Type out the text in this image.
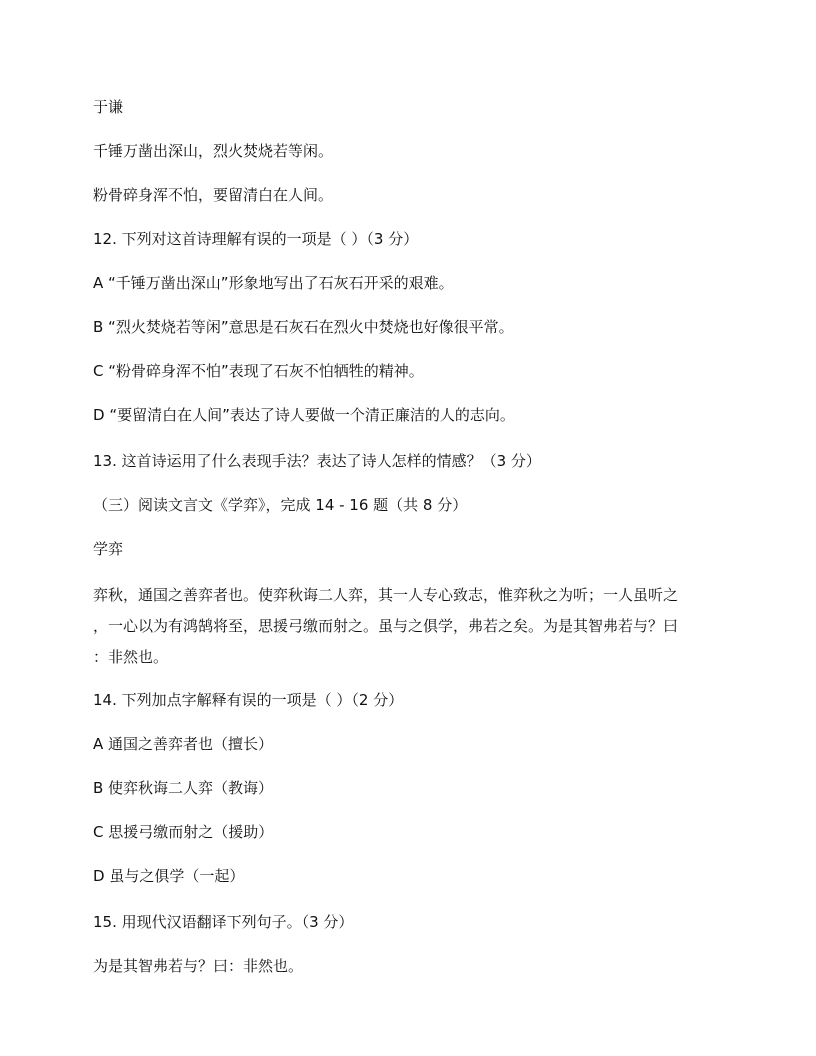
于谦
千锤万凿出深山，烈火焚烧若等闲。
粉骨碎身浑不怕，要留清白在人间。
12. 下列对这首诗理解有误的一项是（ ）（3 分）
A “千锤万凿出深山”形象地写出了石灰石开采的艰难。
B “烈火焚烧若等闲”意思是石灰石在烈火中焚烧也好像很平常。
C “粉骨碎身浑不怕”表现了石灰不怕牺牲的精神。
D “要留清白在人间”表达了诗人要做一个清正廉洁的人的志向。
13. 这首诗运用了什么表现手法？表达了诗人怎样的情感？（3 分）
（三）阅读文言文《学弈》，完成 14 - 16 题（共 8 分）
学弈
弈秋，通国之善弈者也。使弈秋诲二人弈，其一人专心致志，惟弈秋之为听；一人虽听之
，一心以为有鸿鹄将至，思援弓缴而射之。虽与之俱学，弗若之矣。为是其智弗若与？曰
：非然也。
14. 下列加点字解释有误的一项是（ ）（2 分）
A 通国之善弈者也（擅长）
B 使弈秋诲二人弈（教诲）
C 思援弓缴而射之（援助）
D 虽与之俱学（一起）
15. 用现代汉语翻译下列句子。（3 分）
为是其智弗若与？曰：非然也。
